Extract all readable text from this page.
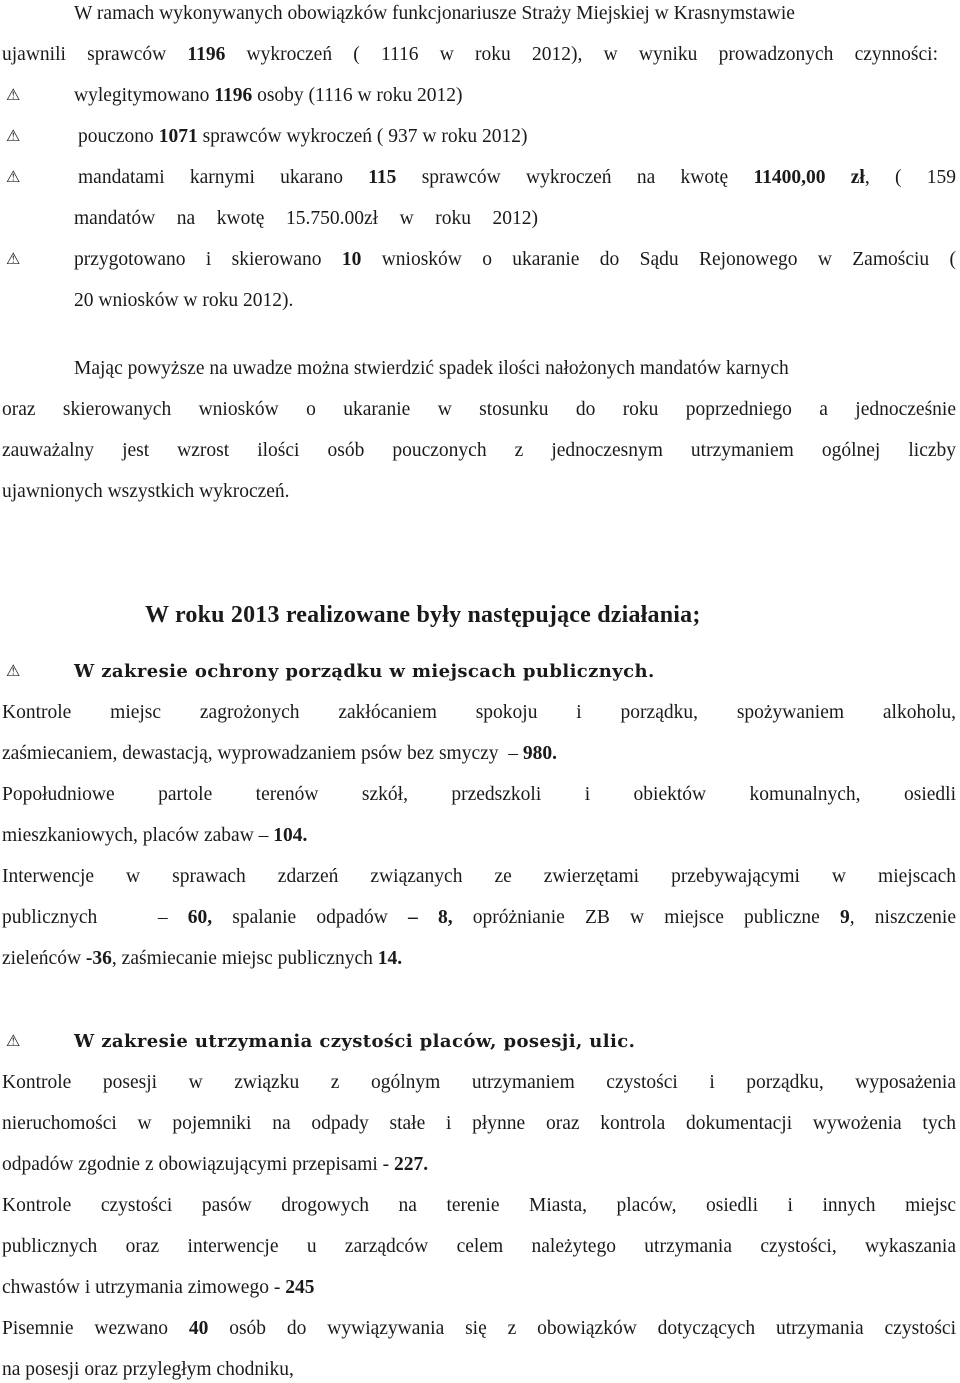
W ramach wykonywanych obowiązków funkcjonariusze Straży Miejskiej w Krasnymstawie
ujawnili sprawców 1196 wykroczeń ( 1116 w roku 2012), w wyniku prowadzonych czynności:
⚠	wylegitymowano 1196 osoby (1116 w roku 2012)
⚠	pouczono 1071 sprawców wykroczeń ( 937 w roku 2012)
⚠	mandatami karnymi ukarano 115 sprawców wykroczeń na kwotę 11400,00 zł, ( 159
mandatów na kwotę 15.750.00zł w roku 2012)
⚠	przygotowano i skierowano 10 wniosków o ukaranie do Sądu Rejonowego w Zamościu (
20 wniosków w roku 2012).
Mając powyższe na uwadze można stwierdzić spadek ilości nałożonych mandatów karnych
oraz skierowanych wniosków o ukaranie w stosunku do roku poprzedniego a jednocześnie
zauważalny jest wzrost ilości osób pouczonych z jednoczesnym utrzymaniem ogólnej liczby
ujawnionych wszystkich wykroczeń.
W roku 2013 realizowane były następujące działania;
⚠	W zakresie ochrony porządku w miejscach publicznych.
Kontrole miejsc zagrożonych zakłócaniem spokoju i porządku, spożywaniem alkoholu,
zaśmiecaniem, dewastacją, wyprowadzaniem psów bez smyczy  – 980.
Popołudniowe partole terenów szkół, przedszkoli i obiektów komunalnych, osiedli
mieszkaniowych, placów zabaw – 104.
Interwencje w sprawach zdarzeń związanych ze zwierzętami przebywającymi w miejscach
publicznych   – 60, spalanie odpadów – 8, opróżnianie ZB w miejsce publiczne 9, niszczenie
zieleńców -36, zaśmiecanie miejsc publicznych 14.
⚠	W zakresie utrzymania czystości placów, posesji, ulic.
Kontrole posesji w związku z ogólnym utrzymaniem czystości i porządku, wyposażenia
nieruchomości w pojemniki na odpady stałe i płynne oraz kontrola dokumentacji wywożenia tych
odpadów zgodnie z obowiązującymi przepisami - 227.
Kontrole czystości pasów drogowych na terenie Miasta, placów, osiedli i innych miejsc
publicznych oraz interwencje u zarządców celem należytego utrzymania czystości, wykaszania
chwastów i utrzymania zimowego - 245
Pisemnie wezwano 40 osób do wywiązywania się z obowiązków dotyczących utrzymania czystości
na posesji oraz przyległym chodniku,
